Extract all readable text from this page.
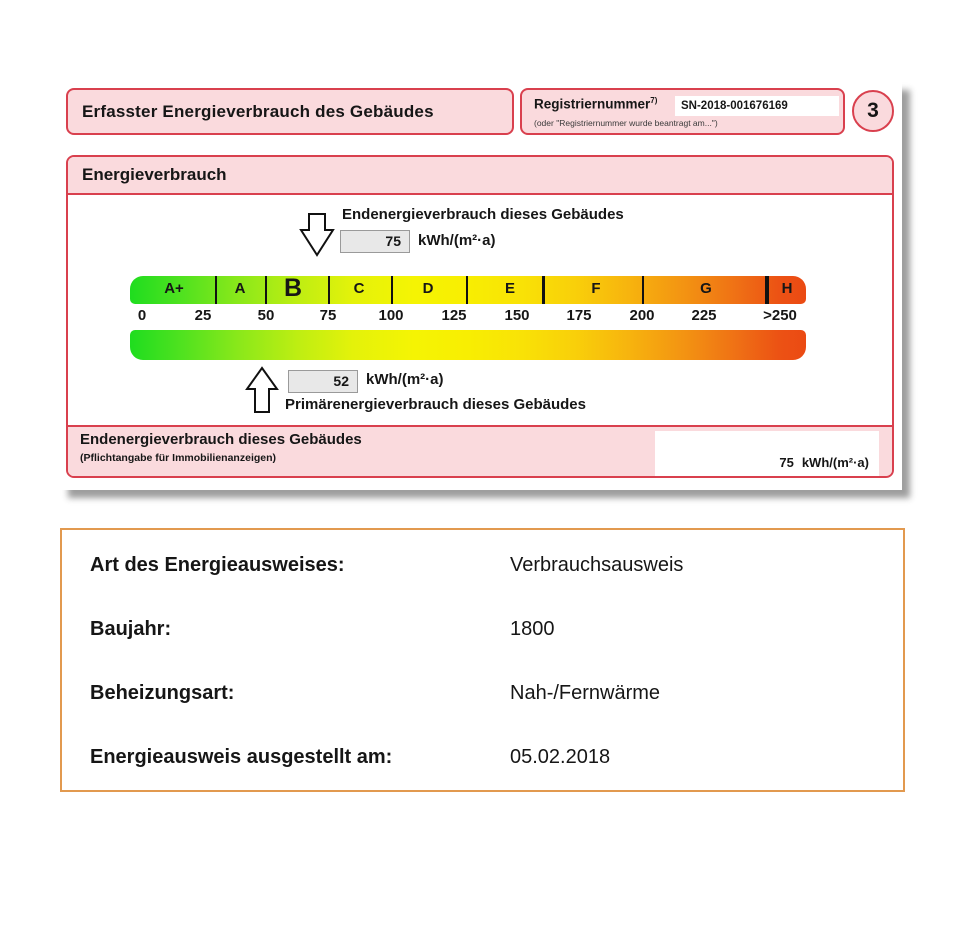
Erfasster Energieverbrauch des Gebäudes	Registriernummer$^{7)}$	SN-2018-001676169
(oder "Registriernummer wurde beantragt am...")
3
Energieverbrauch
Endenergieverbrauch dieses Gebäudes
75	kWh/(m²·a)
A+	A B	C	D	E	F	G	H
0	25	50	75	100	125	150 175	200 225	>250
52	kWh/(m²·a)
Primärenergieverbrauch dieses Gebäudes
Endenergieverbrauch dieses Gebäudes
(Pflichtangabe für Immobilienanzeigen)	75 kWh/(m²·a)
Art des Energieausweises:	Verbrauchsausweis
Baujahr:	1800
Beheizungsart:	Nah-/Fernwärme
Energieausweis ausgestellt am:	05.02.2018
